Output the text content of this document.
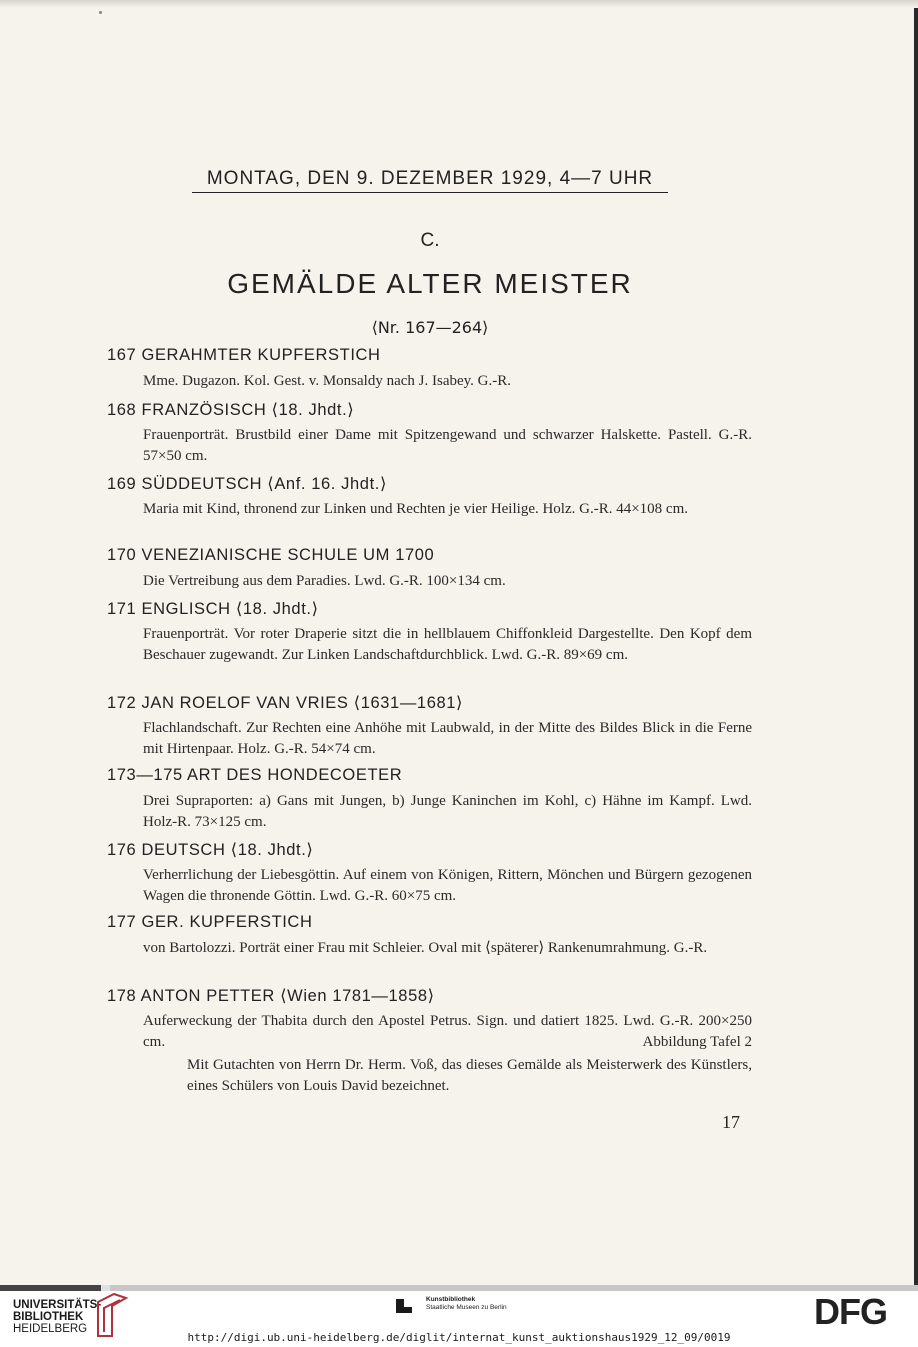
MONTAG, DEN 9. DEZEMBER 1929, 4—7 UHR
C.
GEMÄLDE ALTER MEISTER
⟨Nr. 167—264⟩
167 GERAHMTER KUPFERSTICH
Mme. Dugazon. Kol. Gest. v. Monsaldy nach J. Isabey. G.-R.
168 FRANZÖSISCH ⟨18. Jhdt.⟩
Frauenporträt. Brustbild einer Dame mit Spitzengewand und schwarzer Halskette. Pastell. G.-R. 57×50 cm.
169 SÜDDEUTSCH ⟨Anf. 16. Jhdt.⟩
Maria mit Kind, thronend zur Linken und Rechten je vier Heilige. Holz. G.-R. 44×108 cm.
170 VENEZIANISCHE SCHULE UM 1700
Die Vertreibung aus dem Paradies. Lwd. G.-R. 100×134 cm.
171 ENGLISCH ⟨18. Jhdt.⟩
Frauenporträt. Vor roter Draperie sitzt die in hellblauem Chiffonkleid Dargestellte. Den Kopf dem Beschauer zugewandt. Zur Linken Landschaftdurchblick. Lwd. G.-R. 89×69 cm.
172 JAN ROELOF VAN VRIES ⟨1631—1681⟩
Flachlandschaft. Zur Rechten eine Anhöhe mit Laubwald, in der Mitte des Bildes Blick in die Ferne mit Hirtenpaar. Holz. G.-R. 54×74 cm.
173—175 ART DES HONDECOETER
Drei Supraporten: a) Gans mit Jungen, b) Junge Kaninchen im Kohl, c) Hähne im Kampf. Lwd. Holz-R. 73×125 cm.
176 DEUTSCH ⟨18. Jhdt.⟩
Verherrlichung der Liebesgöttin. Auf einem von Königen, Rittern, Mönchen und Bürgern gezogenen Wagen die thronende Göttin. Lwd. G.-R. 60×75 cm.
177 GER. KUPFERSTICH
von Bartolozzi. Porträt einer Frau mit Schleier. Oval mit ⟨späterer⟩ Rankenumrahmung. G.-R.
178 ANTON PETTER ⟨Wien 1781—1858⟩
Auferweckung der Thabita durch den Apostel Petrus. Sign. und datiert 1825. Lwd. G.-R. 200×250 cm.	Abbildung Tafel 2
Mit Gutachten von Herrn Dr. Herm. Voß, das dieses Gemälde als Meisterwerk des Künstlers, eines Schülers von Louis David bezeichnet.
17
UNIVERSITÄTS-
BIBLIOTHEK
HEIDELBERG
Kunstbibliothek
Staatliche Museen zu Berlin	DFG
http://digi.ub.uni-heidelberg.de/diglit/internat_kunst_auktionshaus1929_12_09/0019
